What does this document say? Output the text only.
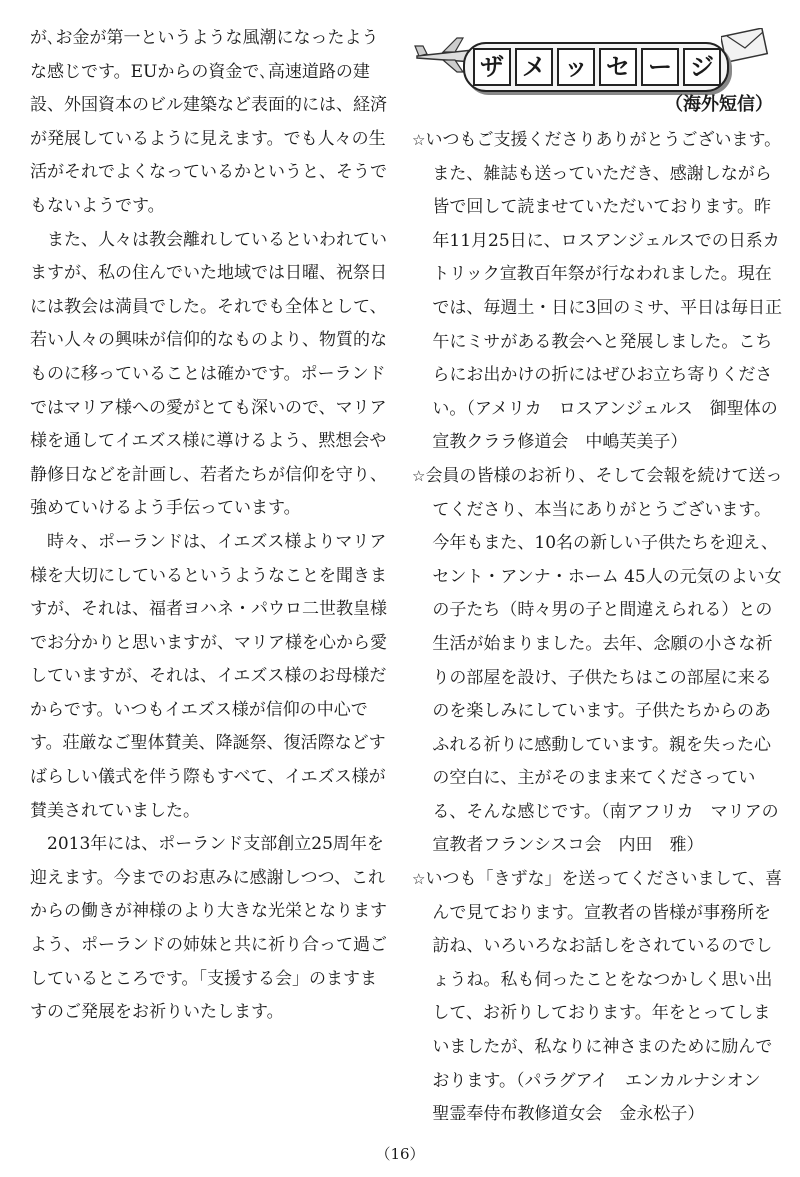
が､お金が第一というような風潮になったような感じです。EUからの資金で､高速道路の建設、外国資本のビル建築など表面的には、経済が発展しているように見えます。でも人々の生活がそれでよくなっているかというと、そうでもないようです。

また、人々は教会離れしているといわれていますが、私の住んでいた地域では日曜、祝祭日には教会は満員でした。それでも全体として、若い人々の興味が信仰的なものより、物質的なものに移っていることは確かです。ポーランドではマリア様への愛がとても深いので、マリア様を通してイエズス様に導けるよう、黙想会や静修日などを計画し、若者たちが信仰を守り、強めていけるよう手伝っています。

時々、ポーランドは、イエズス様よりマリア様を大切にしているというようなことを聞きますが、それは、福者ヨハネ・パウロ二世教皇様でお分かりと思いますが、マリア様を心から愛していますが、それは、イエズス様のお母様だからです。いつもイエズス様が信仰の中心です。荘厳なご聖体賛美、降誕祭、復活際などすばらしい儀式を伴う際もすべて、イエズス様が賛美されていました。

2013年には、ポーランド支部創立25周年を迎えます。今までのお恵みに感謝しつつ、これからの働きが神様のより大きな光栄となりますよう、ポーランドの姉妹と共に祈り合って過ごしているところです。「支援する会」のますますのご発展をお祈りいたします。

ザ メ ッ セ ー ジ
（海外短信）

☆いつもご支援くださりありがとうございます。また、雑誌も送っていただき、感謝しながら皆で回して読ませていただいております。昨年11月25日に、ロスアンジェルスでの日系カトリック宣教百年祭が行なわれました。現在では、毎週土・日に3回のミサ、平日は毎日正午にミサがある教会へと発展しました。こちらにお出かけの折にはぜひお立ち寄りください。（アメリカ　ロスアンジェルス　御聖体の宣教クララ修道会　中嶋芙美子）

☆会員の皆様のお祈り、そして会報を続けて送ってくださり、本当にありがとうございます。今年もまた、10名の新しい子供たちを迎え、セント・アンナ・ホーム 45人の元気のよい女の子たち（時々男の子と間違えられる）との生活が始まりました。去年、念願の小さな祈りの部屋を設け、子供たちはこの部屋に来るのを楽しみにしています。子供たちからのあふれる祈りに感動しています。親を失った心の空白に、主がそのまま来てくださっている、そんな感じです。（南アフリカ　マリアの宣教者フランシスコ会　内田　雅）

☆いつも「きずな」を送ってくださいまして、喜んで見ております。宣教者の皆様が事務所を訪ね、いろいろなお話しをされているのでしょうね。私も伺ったことをなつかしく思い出して、お祈りしております。年をとってしまいましたが、私なりに神さまのために励んでおります。（パラグアイ　エンカルナシオン　聖霊奉侍布教修道女会　金永松子）

（16）
